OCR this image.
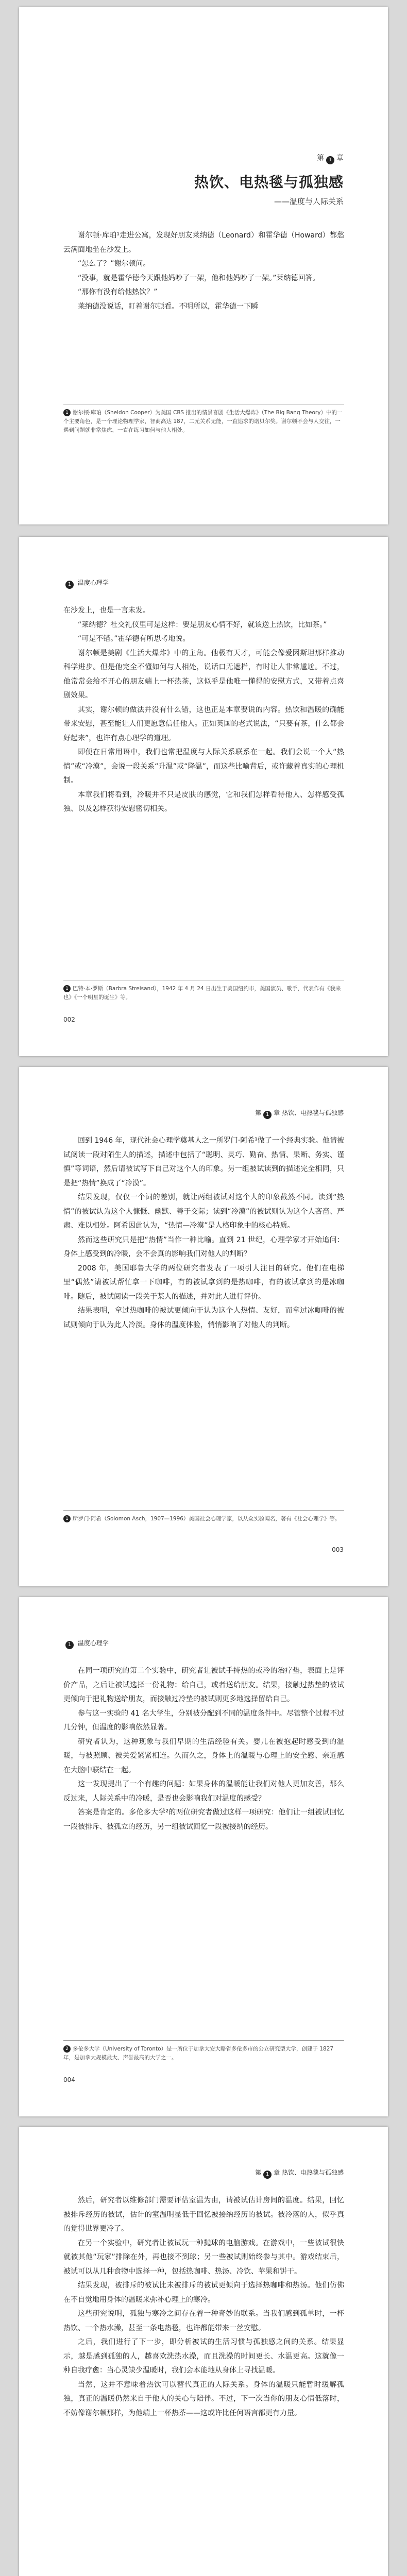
第 1 章
热饮、电热毯与孤独感
——温度与人际关系

谢尔顿·库珀¹走进公寓，发现好朋友莱纳德（Leonard）和霍华德（Howard）都愁云满面地坐在沙发上。

“怎么了？”谢尔顿问。

“没事，就是霍华德今天跟他妈吵了一架，他和他妈吵了一架。”莱纳德回答。

“那你有没有给他热饮？”

莱纳德没说话，盯着谢尔顿看。不明所以，霍华德一下瞬

1 谢尔顿·库珀（Sheldon Cooper）为美国 CBS 推出的情景喜剧《生活大爆炸》（The Big Bang Theory）中的一个主要角色，是一个理论物理学家，智商高达 187，二元关系无能，一直追求的诺贝尔奖。谢尔顿不会与人交往，一遇到问题就非常焦虑，一直在练习如何与他人相处。
1 温度心理学

在沙发上，也是一言未发。

“莱纳德？社交礼仪里可是这样：要是朋友心情不好，就该送上热饮，比如茶。”

“可是不错。”霍华德有所思考地说。

谢尔顿是美剧《生活大爆炸》中的主角。他极有天才，可能会像爱因斯坦那样推动科学进步。但是他完全不懂如何与人相处，说话口无遮拦，有时让人非常尴尬。不过，他常常会给不开心的朋友端上一杯热茶，这似乎是他唯一懂得的安慰方式，又带着点喜剧效果。

其实，谢尔顿的做法并没有什么错，这也正是本章要说的内容。热饮和温暖的确能带来安慰，甚至能让人们更愿意信任他人。正如英国的老式说法，“只要有茶，什么都会好起来”，也许有点心理学的道理。

即便在日常用语中，我们也常把温度与人际关系联系在一起。我们会说一个人“热情”或“冷漠”，会说一段关系“升温”或“降温”，而这些比喻背后，或许藏着真实的心理机制。

本章我们将看到，冷暖并不只是皮肤的感觉，它和我们怎样看待他人、怎样感受孤独、以及怎样获得安慰密切相关。

1 巴特·本·罗斯（Barbra Streisand），1942 年 4 月 24 日出生于美国纽约市，美国演员、歌手，代表作有《我来也》《一个明星的诞生》等。
002
第 1 章 热饮、电热毯与孤独感

回到 1946 年，现代社会心理学奠基人之一所罗门·阿希¹做了一个经典实验。他请被试阅读一段对陌生人的描述，描述中包括了“聪明、灵巧、勤奋、热情、果断、务实、谨慎”等词语，然后请被试写下自己对这个人的印象。另一组被试读到的描述完全相同，只是把“热情”换成了“冷漠”。

结果发现，仅仅一个词的差别，就让两组被试对这个人的印象截然不同。读到“热情”的被试认为这个人慷慨、幽默、善于交际；读到“冷漠”的被试则认为这个人吝啬、严肃、难以相处。阿希因此认为，“热情—冷漠”是人格印象中的核心特质。

然而这些研究只是把“热情”当作一种比喻。直到 21 世纪，心理学家才开始追问：身体上感受到的冷暖，会不会真的影响我们对他人的判断？

2008 年，美国耶鲁大学的两位研究者发表了一项引人注目的研究。他们在电梯里“偶然”请被试帮忙拿一下咖啡，有的被试拿到的是热咖啡，有的被试拿到的是冰咖啡。随后，被试阅读一段关于某人的描述，并对此人进行评价。

结果表明，拿过热咖啡的被试更倾向于认为这个人热情、友好，而拿过冰咖啡的被试则倾向于认为此人冷淡。身体的温度体验，悄悄影响了对他人的判断。

1 所罗门·阿希（Solomon Asch，1907—1996）美国社会心理学家，以从众实验闻名，著有《社会心理学》等。
003
1 温度心理学

在同一项研究的第二个实验中，研究者让被试手持热的或冷的治疗垫，表面上是评价产品，之后让被试选择一份礼物：给自己，或者送给朋友。结果，接触过热垫的被试更倾向于把礼物送给朋友，而接触过冷垫的被试则更多地选择留给自己。

参与这一实验的 41 名大学生，分别被分配到不同的温度条件中。尽管整个过程不过几分钟，但温度的影响依然显著。

研究者认为，这种现象与我们早期的生活经验有关。婴儿在被抱起时感受到的温暖，与被照顾、被关爱紧紧相连。久而久之，身体上的温暖与心理上的安全感、亲近感在大脑中联结在一起。

这一发现提出了一个有趣的问题：如果身体的温暖能让我们对他人更加友善，那么反过来，人际关系中的冷暖，是否也会影响我们对温度的感受？

答案是肯定的。多伦多大学²的两位研究者做过这样一项研究：他们让一组被试回忆一段被排斥、被孤立的经历，另一组被试回忆一段被接纳的经历。

2 多伦多大学（University of Toronto）是一所位于加拿大安大略省多伦多市的公立研究型大学，创建于 1827 年，是加拿大规模最大、声誉最高的大学之一。
004
第 1 章 热饮、电热毯与孤独感

然后，研究者以维修部门需要评估室温为由，请被试估计房间的温度。结果，回忆被排斥经历的被试，估计的室温明显低于回忆被接纳经历的被试。被冷落的人，似乎真的觉得世界更冷了。

在另一个实验中，研究者让被试玩一种抛球的电脑游戏。在游戏中，一些被试很快就被其他“玩家”排除在外，再也接不到球；另一些被试则始终参与其中。游戏结束后，被试可以从几种食物中选择一种，包括热咖啡、热汤、冷饮、苹果和饼干。

结果发现，被排斥的被试比未被排斥的被试更倾向于选择热咖啡和热汤。他们仿佛在不自觉地用身体的温暖来弥补心理上的寒冷。

这些研究说明，孤独与寒冷之间存在着一种奇妙的联系。当我们感到孤单时，一杯热饮、一个热水澡，甚至一条电热毯，也许都能带来一丝安慰。

之后，我们进行了下一步，即分析被试的生活习惯与孤独感之间的关系。结果显示，越是感到孤独的人，越喜欢洗热水澡，而且洗澡的时间更长、水温更高。这就像一种自我疗愈：当心灵缺少温暖时，我们会本能地从身体上寻找温暖。

当然，这并不意味着热饮可以替代真正的人际关系。身体的温暖只能暂时缓解孤独，真正的温暖仍然来自于他人的关心与陪伴。不过，下一次当你的朋友心情低落时，不妨像谢尔顿那样，为他端上一杯热茶——这或许比任何语言都更有力量。
